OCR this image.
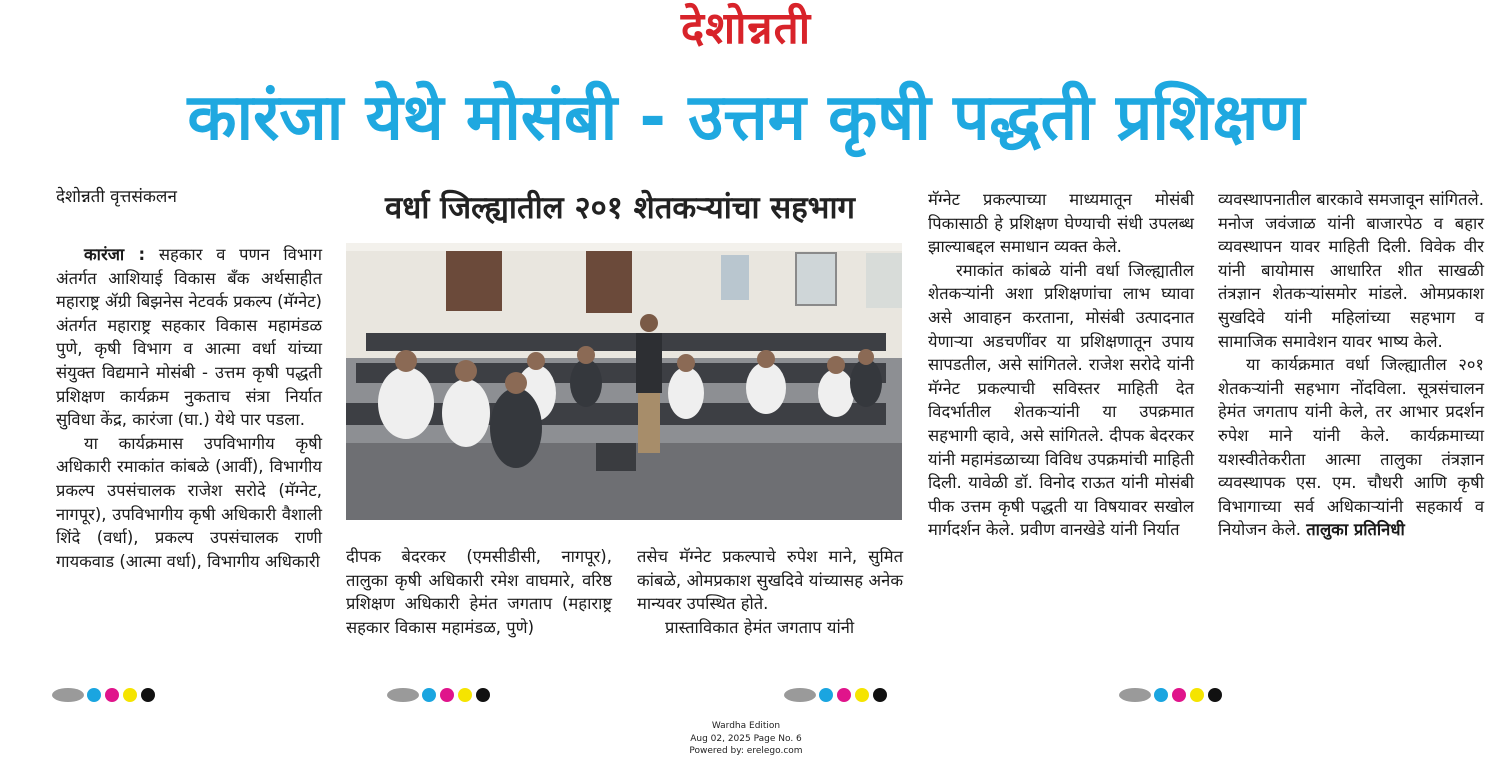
देशोन्नती
कारंजा येथे मोसंबी - उत्तम कृषी पद्धती प्रशिक्षण
देशोन्नती वृत्तसंकलन	वर्धा जिल्ह्यातील २०१ शेतकऱ्यांचा सहभाग

कारंजा : सहकार व पणन विभाग अंतर्गत आशियाई विकास बँक अर्थसाहीत महाराष्ट्र ॲग्री बिझनेस नेटवर्क प्रकल्प (मॅग्नेट) अंतर्गत महाराष्ट्र सहकार विकास महामंडळ पुणे, कृषी विभाग व आत्मा वर्धा यांच्या संयुक्त विद्यमाने मोसंबी - उत्तम कृषी पद्धती प्रशिक्षण कार्यक्रम नुकताच संत्रा निर्यात सुविधा केंद्र, कारंजा (घा.) येथे पार पडला.

या कार्यक्रमास उपविभागीय कृषी अधिकारी रमाकांत कांबळे (आर्वी), विभागीय प्रकल्प उपसंचालक राजेश सरोदे (मॅग्नेट, नागपूर), उपविभागीय कृषी अधिकारी वैशाली शिंदे (वर्धा), प्रकल्प उपसंचालक राणी गायकवाड (आत्मा वर्धा), विभागीय अधिकारी दीपक बेदरकर (एमसीडीसी, नागपूर), तालुका कृषी अधिकारी रमेश वाघमारे, वरिष्ठ प्रशिक्षण अधिकारी हेमंत जगताप (महाराष्ट्र सहकार विकास महामंडळ, पुणे)

तसेच मॅग्नेट प्रकल्पाचे रुपेश माने, सुमित कांबळे, ओमप्रकाश सुखदिवे यांच्यासह अनेक मान्यवर उपस्थित होते.

प्रास्ताविकात हेमंत जगताप यांनी

मॅग्नेट प्रकल्पाच्या माध्यमातून मोसंबी पिकासाठी हे प्रशिक्षण घेण्याची संधी उपलब्ध झाल्याबद्दल समाधान व्यक्त केले.

रमाकांत कांबळे यांनी वर्धा जिल्ह्यातील शेतकऱ्यांनी अशा प्रशिक्षणांचा लाभ घ्यावा असे आवाहन करताना, मोसंबी उत्पादनात येणाऱ्या अडचणींवर या प्रशिक्षणातून उपाय सापडतील, असे सांगितले. राजेश सरोदे यांनी मॅग्नेट प्रकल्पाची सविस्तर माहिती देत विदर्भातील शेतकऱ्यांनी या उपक्रमात सहभागी व्हावे, असे सांगितले. दीपक बेदरकर यांनी महामंडळाच्या विविध उपक्रमांची माहिती दिली. यावेळी डॉ. विनोद राऊत यांनी मोसंबी पीक उत्तम कृषी पद्धती या विषयावर सखोल मार्गदर्शन केले. प्रवीण वानखेडे यांनी निर्यात

व्यवस्थापनातील बारकावे समजावून सांगितले. मनोज जवंजाळ यांनी बाजारपेठ व बहार व्यवस्थापन यावर माहिती दिली. विवेक वीर यांनी बायोमास आधारित शीत साखळी तंत्रज्ञान शेतकऱ्यांसमोर मांडले. ओमप्रकाश सुखदिवे यांनी महिलांच्या सहभाग व सामाजिक समावेशन यावर भाष्य केले.

या कार्यक्रमात वर्धा जिल्ह्यातील २०१ शेतकऱ्यांनी सहभाग नोंदविला. सूत्रसंचालन हेमंत जगताप यांनी केले, तर आभार प्रदर्शन रुपेश माने यांनी केले. कार्यक्रमाच्या यशस्वीतेकरीता आत्मा तालुका तंत्रज्ञान व्यवस्थापक एस. एम. चौधरी आणि कृषी विभागाच्या सर्व अधिकाऱ्यांनी सहकार्य व नियोजन केले. तालुका प्रतिनिधी

Wardha Edition
Aug 02, 2025 Page No. 6
Powered by: erelego.com
